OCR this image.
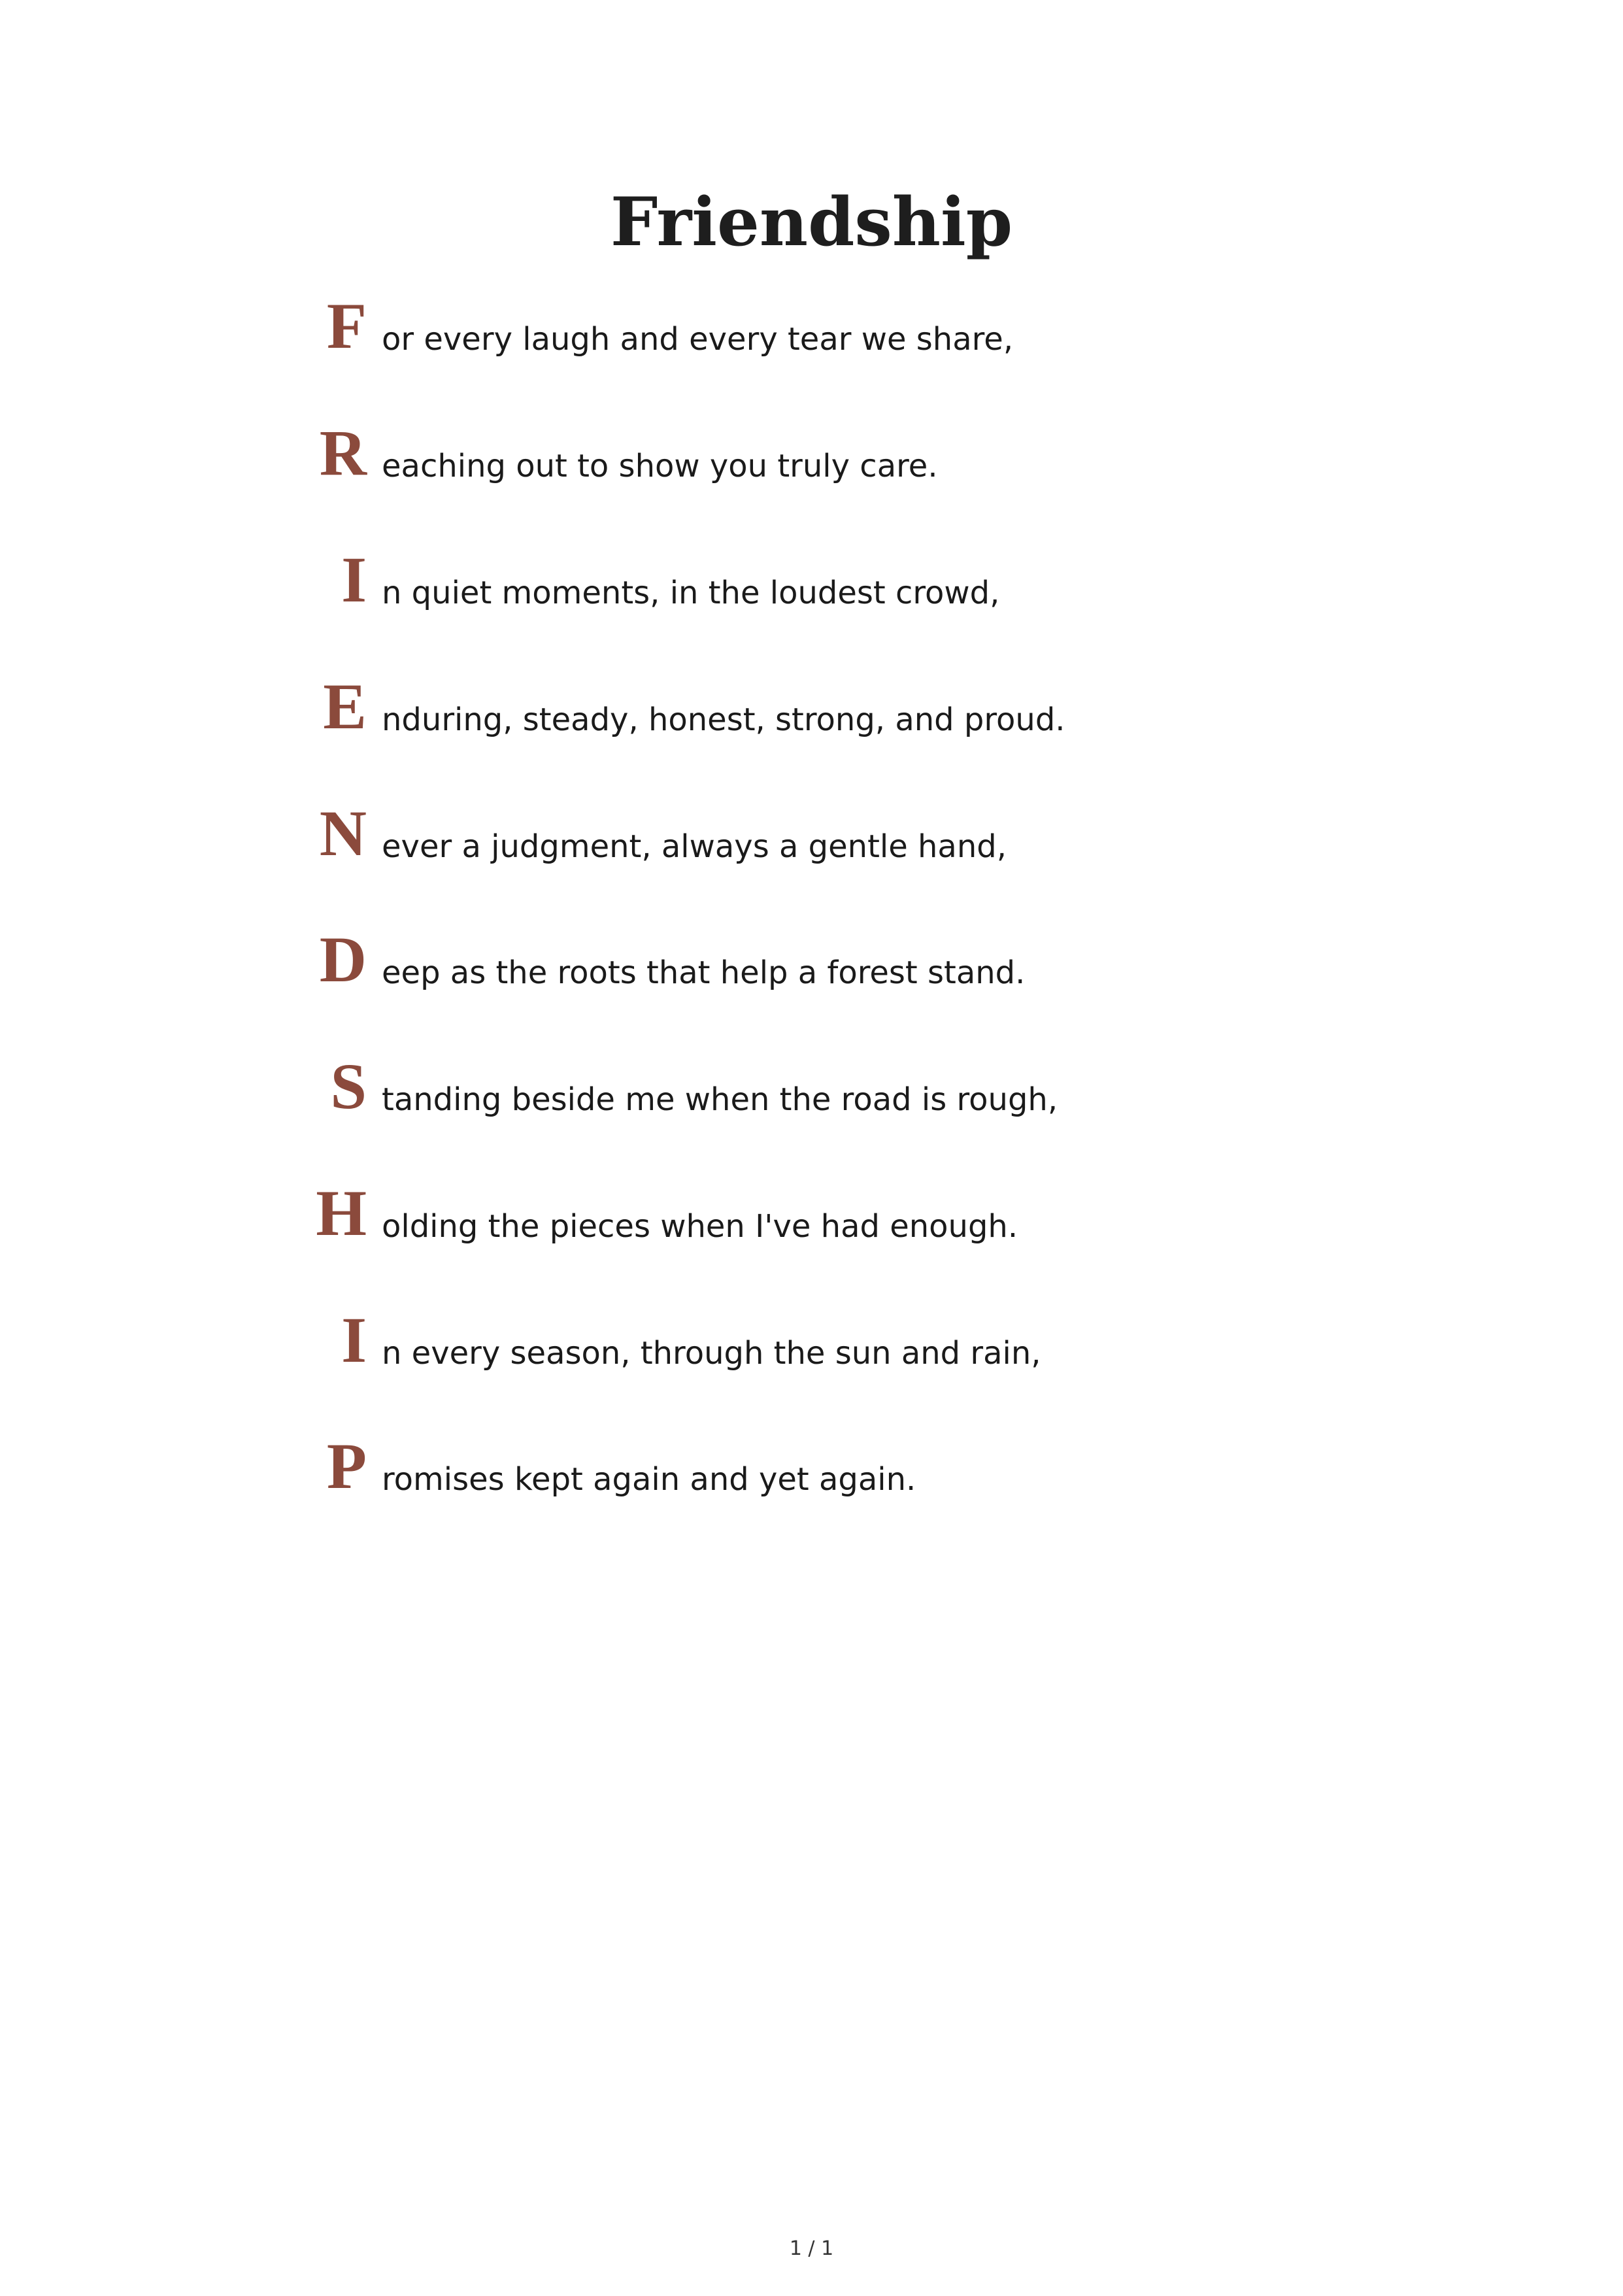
Friendship
F or every laugh and every tear we share,
R eaching out to show you truly care.
I n quiet moments, in the loudest crowd,
E nduring, steady, honest, strong, and proud.
N ever a judgment, always a gentle hand,
D eep as the roots that help a forest stand.
S tanding beside me when the road is rough,
H olding the pieces when I've had enough.
I n every season, through the sun and rain,
P romises kept again and yet again.
1 / 1
